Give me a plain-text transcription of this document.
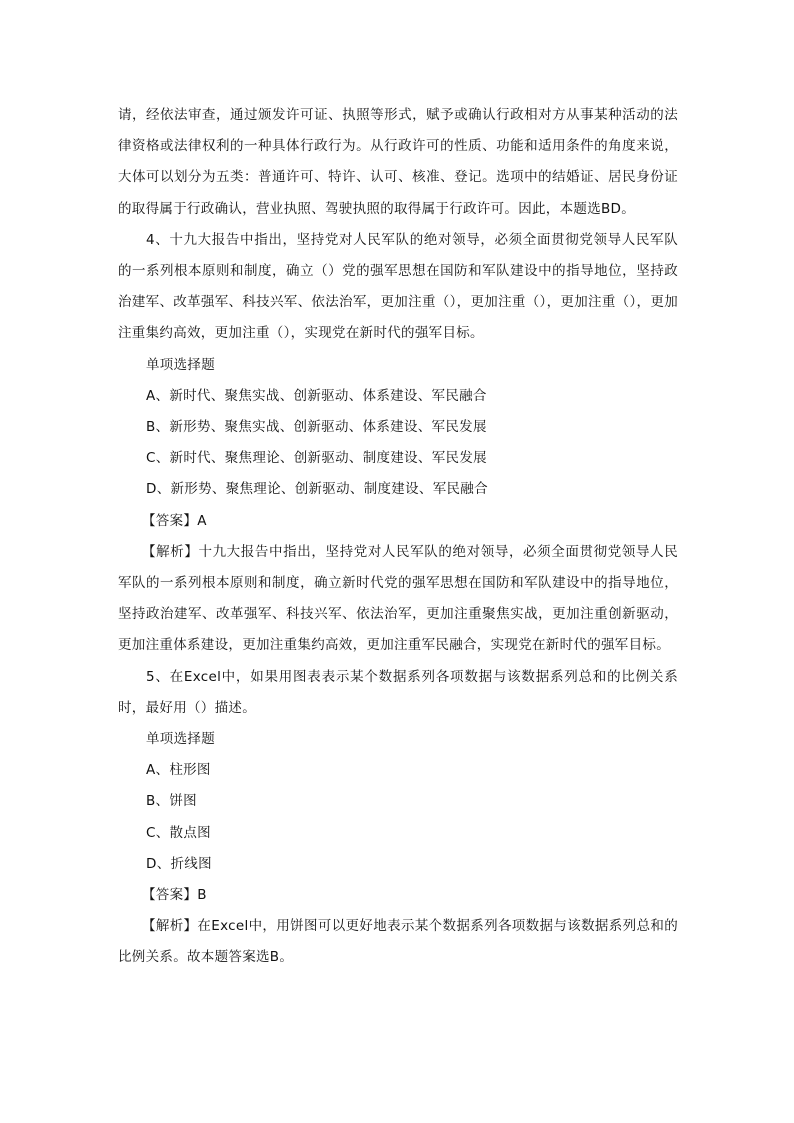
请，经依法审查，通过颁发许可证、执照等形式，赋予或确认行政相对方从事某种活动的法律资格或法律权利的一种具体行政行为。从行政许可的性质、功能和适用条件的角度来说，大体可以划分为五类：普通许可、特许、认可、核准、登记。选项中的结婚证、居民身份证的取得属于行政确认，营业执照、驾驶执照的取得属于行政许可。因此，本题选BD。

4、十九大报告中指出，坚持党对人民军队的绝对领导，必须全面贯彻党领导人民军队的一系列根本原则和制度，确立（）党的强军思想在国防和军队建设中的指导地位，坚持政治建军、改革强军、科技兴军、依法治军，更加注重（），更加注重（），更加注重（），更加注重集约高效，更加注重（），实现党在新时代的强军目标。

单项选择题

A、新时代、聚焦实战、创新驱动、体系建设、军民融合

B、新形势、聚焦实战、创新驱动、体系建设、军民发展

C、新时代、聚焦理论、创新驱动、制度建设、军民发展

D、新形势、聚焦理论、创新驱动、制度建设、军民融合

【答案】A

【解析】十九大报告中指出，坚持党对人民军队的绝对领导，必须全面贯彻党领导人民军队的一系列根本原则和制度，确立新时代党的强军思想在国防和军队建设中的指导地位，坚持政治建军、改革强军、科技兴军、依法治军，更加注重聚焦实战，更加注重创新驱动，更加注重体系建设，更加注重集约高效，更加注重军民融合，实现党在新时代的强军目标。

5、在Excel中，如果用图表表示某个数据系列各项数据与该数据系列总和的比例关系时，最好用（）描述。

单项选择题

A、柱形图

B、饼图

C、散点图

D、折线图

【答案】B

【解析】在Excel中，用饼图可以更好地表示某个数据系列各项数据与该数据系列总和的比例关系。故本题答案选B。
